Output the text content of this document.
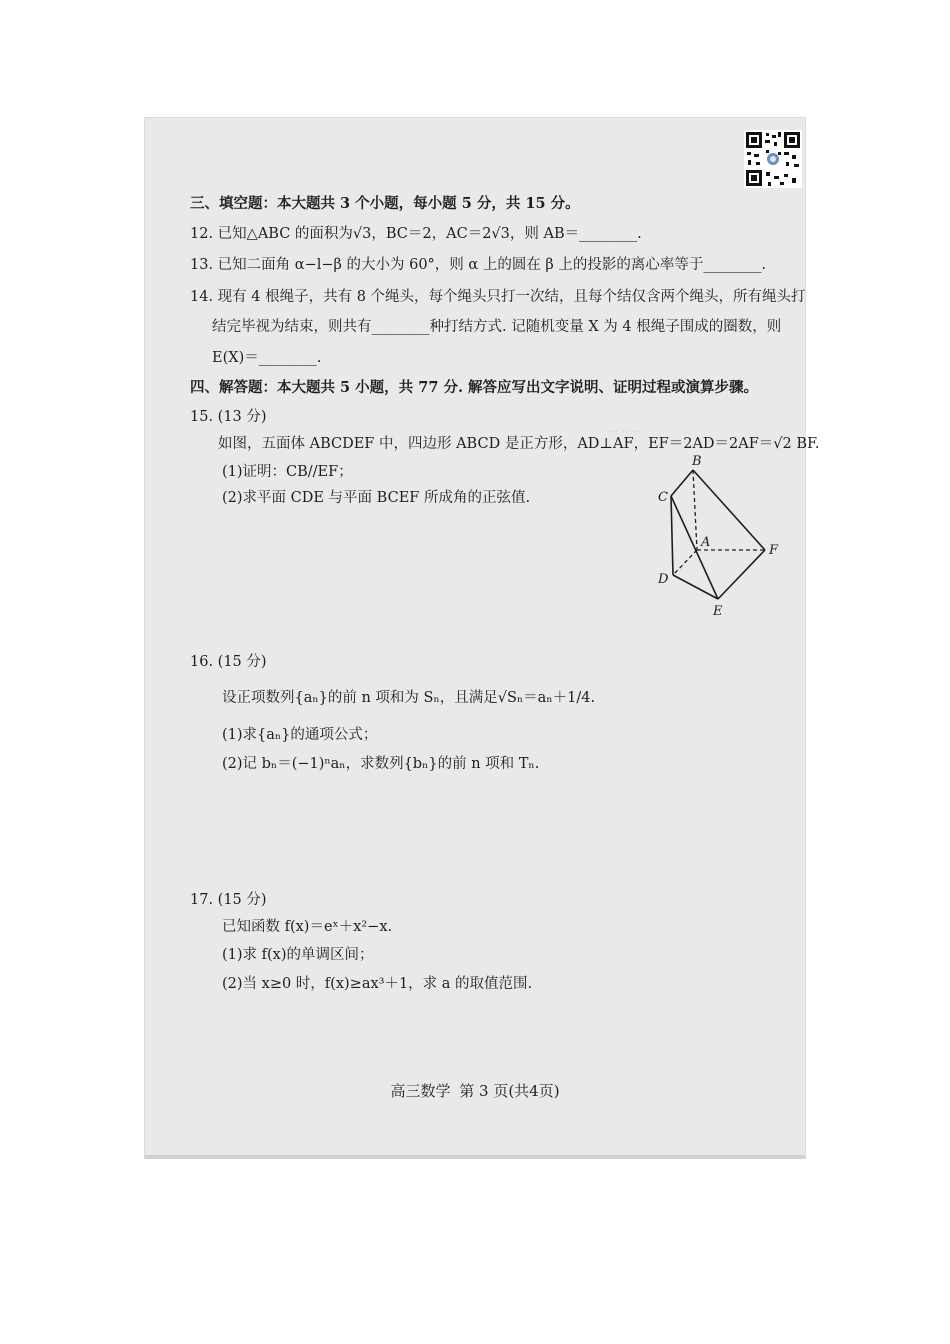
·· ·· ··
三、填空题：本大题共 3 个小题，每小题 5 分，共 15 分。
12. 已知△ABC 的面积为√3，BC＝2，AC＝2√3，则 AB＝________.
13. 已知二面角 α−l−β 的大小为 60°，则 α 上的圆在 β 上的投影的离心率等于________.
14. 现有 4 根绳子，共有 8 个绳头，每个绳头只打一次结，且每个结仅含两个绳头，所有绳头打
结完毕视为结束，则共有________种打结方式. 记随机变量 X 为 4 根绳子围成的圈数，则
E(X)＝________.
四、解答题：本大题共 5 小题，共 77 分. 解答应写出文字说明、证明过程或演算步骤。
15. (13 分)
如图，五面体 ABCDEF 中，四边形 ABCD 是正方形，AD⊥AF，EF＝2AD＝2AF＝√2 BF.
(1)证明：CB//EF；
(2)求平面 CDE 与平面 BCEF 所成角的正弦值.
B
C
A
F
D
E
16. (15 分)
设正项数列{aₙ}的前 n 项和为 Sₙ，且满足√Sₙ＝aₙ＋1/4.
(1)求{aₙ}的通项公式；
(2)记 bₙ＝(−1)ⁿaₙ，求数列{bₙ}的前 n 项和 Tₙ.
17. (15 分)
已知函数 f(x)＝eˣ＋x²−x.
(1)求 f(x)的单调区间；
(2)当 x≥0 时，f(x)≥ax³＋1，求 a 的取值范围.
高三数学 第 3 页(共4页)
